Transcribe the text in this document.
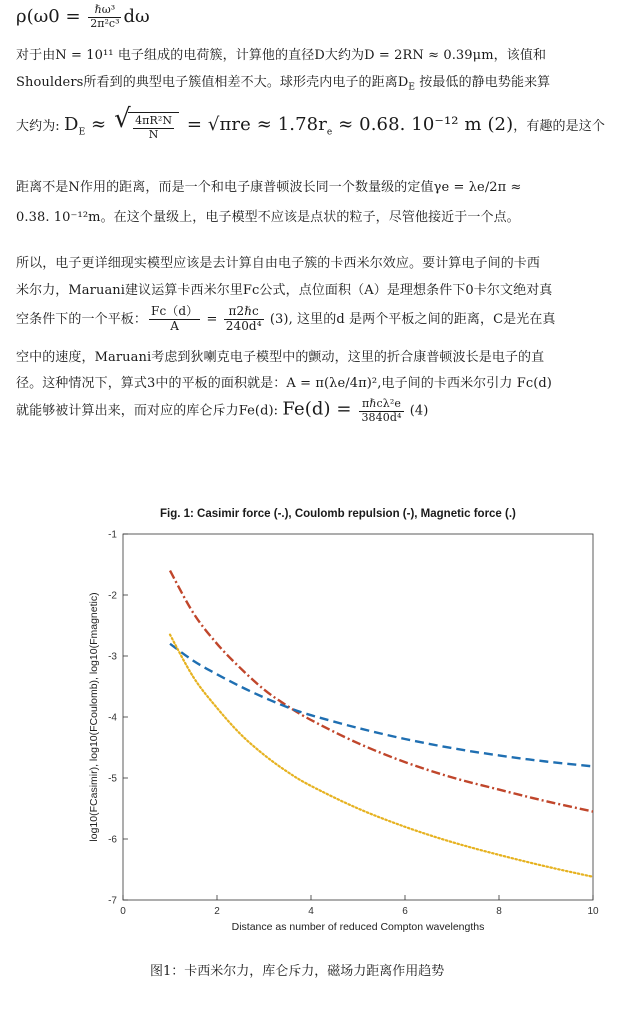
$\rho(\omega 0 = \frac{\text{ℏω³}}{\text{2π²c³}}$ dω
对于由N = 10¹¹ 电子组成的电荷簇，计算他的直径D大约为D = 2RN ≈ 0.39μm，该值和
Shoulders所看到的典型电子簇值相差不大。球形壳内电子的距离$D_E$ 按最低的静电势能来算
大约为: $D_E$ ≈ √ $\frac{\text{4πR²N}}{N} = √\pi re \approx 1.78r_e \approx 0.68$. 10⁻¹² m (2)，有趣的是这个
距离不是N作用的距离，而是一个和电子康普顿波长同一个数量级的定值γe = λe/2π ≈
0.38. 10⁻¹²m。在这个量级上，电子模型不应该是点状的粒子，尽管他接近于一个点。
所以，电子更详细现实模型应该是去计算自由电子簇的卡西米尔效应。要计算电子间的卡西
米尔力，Maruani建议运算卡西米尔里Fc公式，点位面积（A）是理想条件下0卡尔文绝对真
空条件下的一个平板： $\frac{Fc(d)}{A} = \frac{\text{π2ℏc}}{\text{240d⁴}} (3)$, 这里的d 是两个平板之间的距离，C是光在真
空中的速度，Maruani考虑到狄喇克电子模型中的颤动，这里的折合康普顿波长是电子的直
径。这种情况下，算式3中的平板的面积就是：A = π(λe/4π)²,电子间的卡西米尔引力 Fc(d)
就能够被计算出来，而对应的库仑斥力Fe(d): $Fe(d) = \frac{\text{πℏcλ²e}}{\text{3840d⁴}} (4)$
Fig. 1: Casimir force (-.), Coulomb repulsion (-), Magnetic force (.)
-1
-2
-3
-4
-5
-6
-7
0	2	4	6	8	10
Distance as number of reduced Compton wavelengths
log10(FCasimir), log10(FCoulomb), log10(Fmagnetic)
图1：卡西米尔力，库仑斥力，磁场力距离作用趋势
